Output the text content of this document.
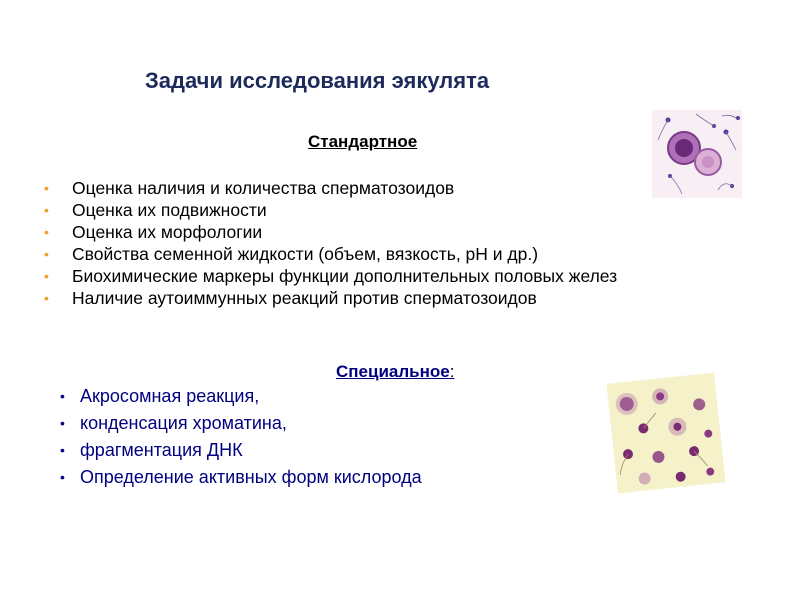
Задачи исследования эякулята
Стандартное
• Оценка наличия и количества сперматозоидов
• Оценка их подвижности
• Оценка их морфологии
• Свойства семенной жидкости (объем, вязкость, pH и др.)
• Биохимические маркеры функции дополнительных половых желез
• Наличие аутоиммунных реакций против сперматозоидов
Специальное:
• Акросомная реакция,
• конденсация хроматина,
• фрагментация ДНК
• Определение активных форм кислорода
